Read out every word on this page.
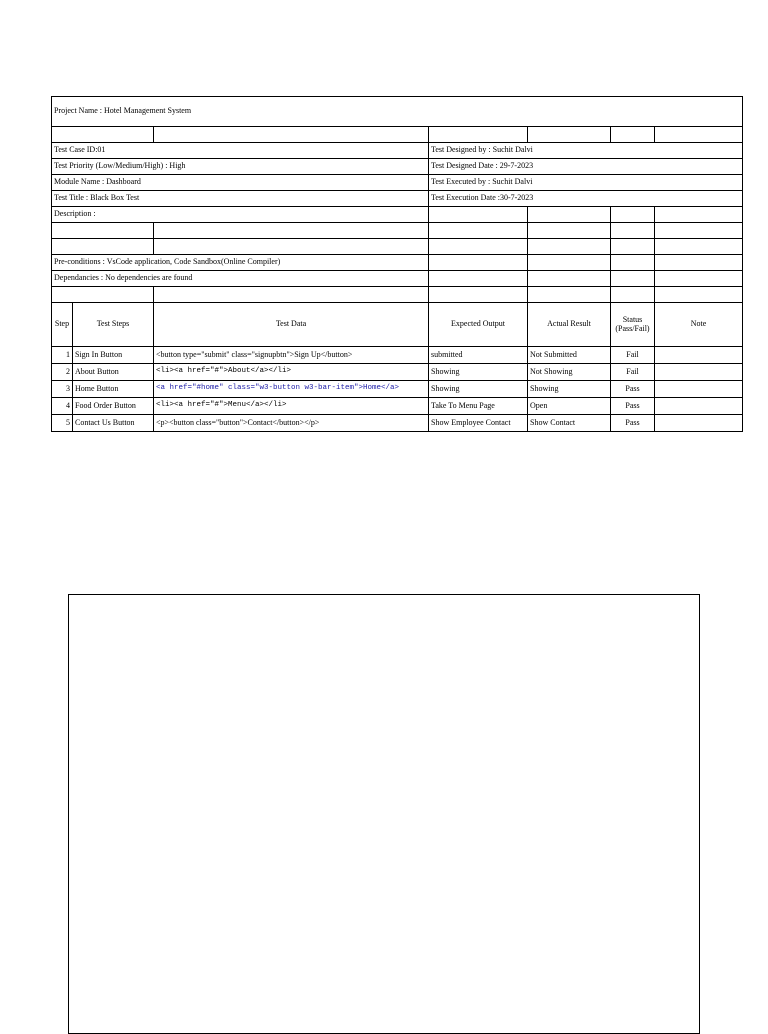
Project Name : Hotel Management System						

Test Case ID:01			Test Designed by : Suchit Dalvi			
Test Priority (Low/Medium/High) : High			Test Designed Date : 29-7-2023			
Module Name : Dashboard			Test Executed by : Suchit Dalvi			
Test Title : Black Box Test			Test Execution Date :30-7-2023			
Description :						

Pre-conditions : VsCode application, Code Sandbox(Online Compiler)						
Dependancies : No dependencies are found						

Step	Test Steps	Test Data	Expected Output	Actual Result	Status (Pass/Fail)	Note
1	Sign In Button	<button type="submit" class="signupbtn">Sign Up</button>	submitted	Not Submitted	Fail	
2	About Button	<li><a href="#">About</a></li>	Showing	Not Showing	Fail	
3	Home Button	<a href="#home" class="w3-button w3-bar-item">Home</a>	Showing	Showing	Pass	
4	Food Order Button	<li><a href="#">Menu</a></li>	Take To Menu Page	Open	Pass	
5	Contact Us Button	<p><button class="button">Contact</button></p>	Show Employee Contact	Show Contact	Pass	
